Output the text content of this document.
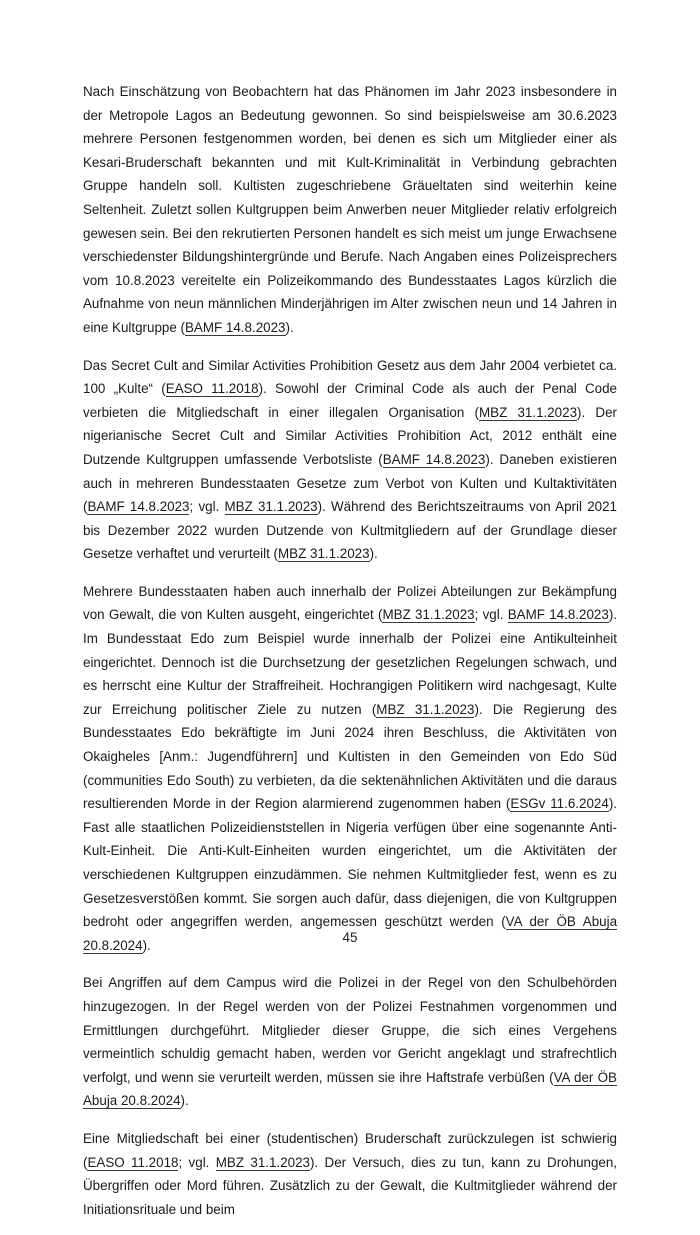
Nach Einschätzung von Beobachtern hat das Phänomen im Jahr 2023 insbesondere in der Metropole Lagos an Bedeutung gewonnen. So sind beispielsweise am 30.6.2023 mehrere Personen festgenommen worden, bei denen es sich um Mitglieder einer als Kesari-Bruderschaft bekannten und mit Kult-Kriminalität in Verbindung gebrachten Gruppe handeln soll. Kultisten zugeschriebene Gräueltaten sind weiterhin keine Seltenheit. Zuletzt sollen Kultgruppen beim Anwerben neuer Mitglieder relativ erfolgreich gewesen sein. Bei den rekrutierten Personen handelt es sich meist um junge Erwachsene verschiedenster Bildungshintergründe und Berufe. Nach Angaben eines Polizeisprechers vom 10.8.2023 vereitelte ein Polizeikommando des Bundesstaates Lagos kürzlich die Aufnahme von neun männlichen Minderjährigen im Alter zwischen neun und 14 Jahren in eine Kultgruppe (BAMF 14.8.2023).

Das Secret Cult and Similar Activities Prohibition Gesetz aus dem Jahr 2004 verbietet ca. 100 „Kulte“ (EASO 11.2018). Sowohl der Criminal Code als auch der Penal Code verbieten die Mitgliedschaft in einer illegalen Organisation (MBZ 31.1.2023). Der nigerianische Secret Cult and Similar Activities Prohibition Act, 2012 enthält eine Dutzende Kultgruppen umfassende Verbotsliste (BAMF 14.8.2023). Daneben existieren auch in mehreren Bundesstaaten Gesetze zum Verbot von Kulten und Kultaktivitäten (BAMF 14.8.2023; vgl. MBZ 31.1.2023). Während des Berichtszeitraums von April 2021 bis Dezember 2022 wurden Dutzende von Kultmitgliedern auf der Grundlage dieser Gesetze verhaftet und verurteilt (MBZ 31.1.2023).

Mehrere Bundesstaaten haben auch innerhalb der Polizei Abteilungen zur Bekämpfung von Gewalt, die von Kulten ausgeht, eingerichtet (MBZ 31.1.2023; vgl. BAMF 14.8.2023). Im Bundesstaat Edo zum Beispiel wurde innerhalb der Polizei eine Antikulteinheit eingerichtet. Dennoch ist die Durchsetzung der gesetzlichen Regelungen schwach, und es herrscht eine Kultur der Straffreiheit. Hochrangigen Politikern wird nachgesagt, Kulte zur Erreichung politischer Ziele zu nutzen (MBZ 31.1.2023). Die Regierung des Bundesstaates Edo bekräftigte im Juni 2024 ihren Beschluss, die Aktivitäten von Okaigheles [Anm.: Jugendführern] und Kultisten in den Gemeinden von Edo Süd (communities Edo South) zu verbieten, da die sektenähnlichen Aktivitäten und die daraus resultierenden Morde in der Region alarmierend zugenommen haben (ESGv 11.6.2024). Fast alle staatlichen Polizeidienststellen in Nigeria verfügen über eine sogenannte Anti-Kult-Einheit. Die Anti-Kult-Einheiten wurden eingerichtet, um die Aktivitäten der verschiedenen Kultgruppen einzudämmen. Sie nehmen Kultmitglieder fest, wenn es zu Gesetzesverstößen kommt. Sie sorgen auch dafür, dass diejenigen, die von Kultgruppen bedroht oder angegriffen werden, angemessen geschützt werden (VA der ÖB Abuja 20.8.2024).

Bei Angriffen auf dem Campus wird die Polizei in der Regel von den Schulbehörden hinzugezogen. In der Regel werden von der Polizei Festnahmen vorgenommen und Ermittlungen durchgeführt. Mitglieder dieser Gruppe, die sich eines Vergehens vermeintlich schuldig gemacht haben, werden vor Gericht angeklagt und strafrechtlich verfolgt, und wenn sie verurteilt werden, müssen sie ihre Haftstrafe verbüßen (VA der ÖB Abuja 20.8.2024).

Eine Mitgliedschaft bei einer (studentischen) Bruderschaft zurückzulegen ist schwierig (EASO 11.2018; vgl. MBZ 31.1.2023). Der Versuch, dies zu tun, kann zu Drohungen, Übergriffen oder Mord führen. Zusätzlich zu der Gewalt, die Kultmitglieder während der Initiationsrituale und beim

45
